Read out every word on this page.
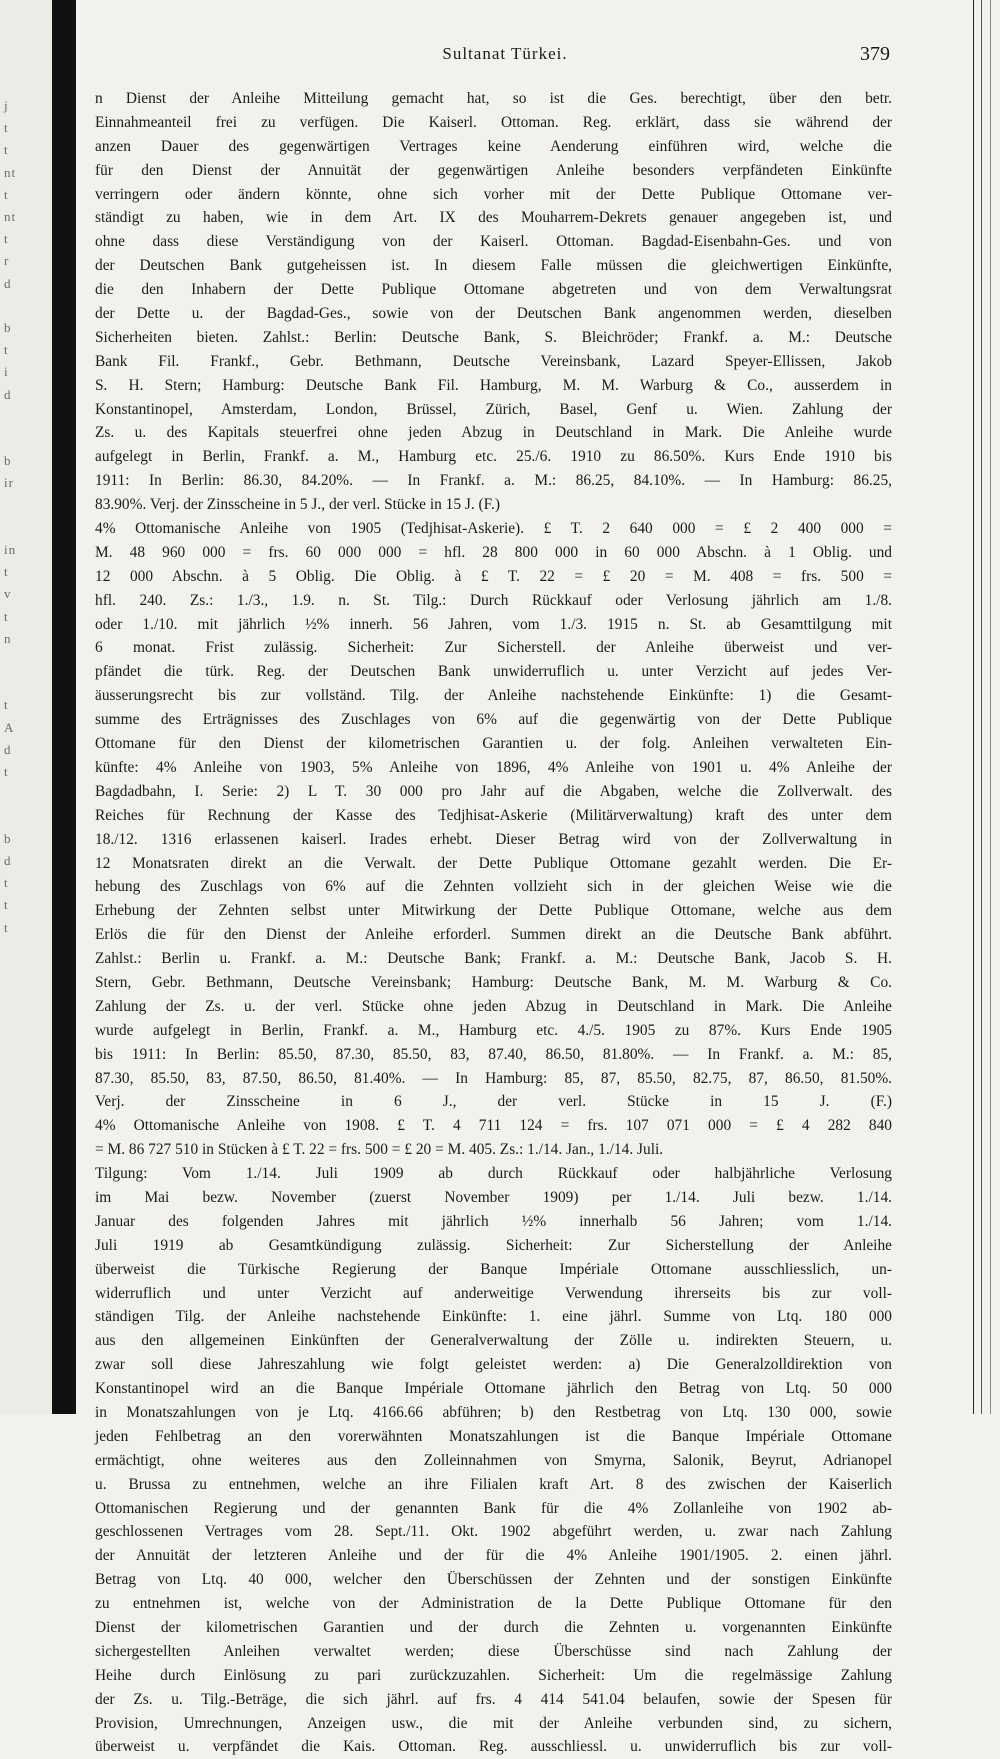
j
t
t
nt
t
nt
t
r
d

b
t
i
d

b
ir

in
t
v
t
n

t
A
d
t

b
d
t
t
t
Sultanat Türkei.	379
n Dienst der Anleihe Mitteilung gemacht hat, so ist die Ges. berechtigt, über den betr.
Einnahmeanteil frei zu verfügen. Die Kaiserl. Ottoman. Reg. erklärt, dass sie während der
anzen Dauer des gegenwärtigen Vertrages keine Aenderung einführen wird, welche die
für den Dienst der Annuität der gegenwärtigen Anleihe besonders verpfändeten Einkünfte
verringern oder ändern könnte, ohne sich vorher mit der Dette Publique Ottomane ver-
ständigt zu haben, wie in dem Art. IX des Mouharrem-Dekrets genauer angegeben ist, und
ohne dass diese Verständigung von der Kaiserl. Ottoman. Bagdad-Eisenbahn-Ges. und von
der Deutschen Bank gutgeheissen ist. In diesem Falle müssen die gleichwertigen Einkünfte,
die den Inhabern der Dette Publique Ottomane abgetreten und von dem Verwaltungsrat
der Dette u. der Bagdad-Ges., sowie von der Deutschen Bank angenommen werden, dieselben
Sicherheiten bieten. Zahlst.: Berlin: Deutsche Bank, S. Bleichröder; Frankf. a. M.: Deutsche
Bank Fil. Frankf., Gebr. Bethmann, Deutsche Vereinsbank, Lazard Speyer-Ellissen, Jakob
S. H. Stern; Hamburg: Deutsche Bank Fil. Hamburg, M. M. Warburg & Co., ausserdem in
Konstantinopel, Amsterdam, London, Brüssel, Zürich, Basel, Genf u. Wien. Zahlung der
Zs. u. des Kapitals steuerfrei ohne jeden Abzug in Deutschland in Mark. Die Anleihe wurde
aufgelegt in Berlin, Frankf. a. M., Hamburg etc. 25./6. 1910 zu 86.50%. Kurs Ende 1910 bis
1911: In Berlin: 86.30, 84.20%. — In Frankf. a. M.: 86.25, 84.10%. — In Hamburg: 86.25,
83.90%. Verj. der Zinsscheine in 5 J., der verl. Stücke in 15 J. (F.)
4% Ottomanische Anleihe von 1905 (Tedjhisat-Askerie). £ T. 2 640 000 = £ 2 400 000 =
M. 48 960 000 = frs. 60 000 000 = hfl. 28 800 000 in 60 000 Abschn. à 1 Oblig. und
12 000 Abschn. à 5 Oblig. Die Oblig. à £ T. 22 = £ 20 = M. 408 = frs. 500 =
hfl. 240. Zs.: 1./3., 1.9. n. St. Tilg.: Durch Rückkauf oder Verlosung jährlich am 1./8.
oder 1./10. mit jährlich ½% innerh. 56 Jahren, vom 1./3. 1915 n. St. ab Gesamttilgung mit
6 monat. Frist zulässig. Sicherheit: Zur Sicherstell. der Anleihe überweist und ver-
pfändet die türk. Reg. der Deutschen Bank unwiderruflich u. unter Verzicht auf jedes Ver-
äusserungsrecht bis zur vollständ. Tilg. der Anleihe nachstehende Einkünfte: 1) die Gesamt-
summe des Erträgnisses des Zuschlages von 6% auf die gegenwärtig von der Dette Publique
Ottomane für den Dienst der kilometrischen Garantien u. der folg. Anleihen verwalteten Ein-
künfte: 4% Anleihe von 1903, 5% Anleihe von 1896, 4% Anleihe von 1901 u. 4% Anleihe der
Bagdadbahn, I. Serie: 2) L T. 30 000 pro Jahr auf die Abgaben, welche die Zollverwalt. des
Reiches für Rechnung der Kasse des Tedjhisat-Askerie (Militärverwaltung) kraft des unter dem
18./12. 1316 erlassenen kaiserl. Irades erhebt. Dieser Betrag wird von der Zollverwaltung in
12 Monatsraten direkt an die Verwalt. der Dette Publique Ottomane gezahlt werden. Die Er-
hebung des Zuschlags von 6% auf die Zehnten vollzieht sich in der gleichen Weise wie die
Erhebung der Zehnten selbst unter Mitwirkung der Dette Publique Ottomane, welche aus dem
Erlös die für den Dienst der Anleihe erforderl. Summen direkt an die Deutsche Bank abführt.
Zahlst.: Berlin u. Frankf. a. M.: Deutsche Bank; Frankf. a. M.: Deutsche Bank, Jacob S. H.
Stern, Gebr. Bethmann, Deutsche Vereinsbank; Hamburg: Deutsche Bank, M. M. Warburg & Co.
Zahlung der Zs. u. der verl. Stücke ohne jeden Abzug in Deutschland in Mark. Die Anleihe
wurde aufgelegt in Berlin, Frankf. a. M., Hamburg etc. 4./5. 1905 zu 87%. Kurs Ende 1905
bis 1911: In Berlin: 85.50, 87.30, 85.50, 83, 87.40, 86.50, 81.80%. — In Frankf. a. M.: 85,
87.30, 85.50, 83, 87.50, 86.50, 81.40%. — In Hamburg: 85, 87, 85.50, 82.75, 87, 86.50, 81.50%.
Verj. der Zinsscheine in 6 J., der verl. Stücke in 15 J. (F.)
4% Ottomanische Anleihe von 1908. £ T. 4 711 124 = frs. 107 071 000 = £ 4 282 840
= M. 86 727 510 in Stücken à £ T. 22 = frs. 500 = £ 20 = M. 405. Zs.: 1./14. Jan., 1./14. Juli.
Tilgung: Vom 1./14. Juli 1909 ab durch Rückkauf oder halbjährliche Verlosung
im Mai bezw. November (zuerst November 1909) per 1./14. Juli bezw. 1./14.
Januar des folgenden Jahres mit jährlich ½% innerhalb 56 Jahren; vom 1./14.
Juli 1919 ab Gesamtkündigung zulässig. Sicherheit: Zur Sicherstellung der Anleihe
überweist die Türkische Regierung der Banque Impériale Ottomane ausschliesslich, un-
widerruflich und unter Verzicht auf anderweitige Verwendung ihrerseits bis zur voll-
ständigen Tilg. der Anleihe nachstehende Einkünfte: 1. eine jährl. Summe von Ltq. 180 000
aus den allgemeinen Einkünften der Generalverwaltung der Zölle u. indirekten Steuern, u.
zwar soll diese Jahreszahlung wie folgt geleistet werden: a) Die Generalzolldirektion von
Konstantinopel wird an die Banque Impériale Ottomane jährlich den Betrag von Ltq. 50 000
in Monatszahlungen von je Ltq. 4166.66 abführen; b) den Restbetrag von Ltq. 130 000, sowie
jeden Fehlbetrag an den vorerwähnten Monatszahlungen ist die Banque Impériale Ottomane
ermächtigt, ohne weiteres aus den Zolleinnahmen von Smyrna, Salonik, Beyrut, Adrianopel
u. Brussa zu entnehmen, welche an ihre Filialen kraft Art. 8 des zwischen der Kaiserlich
Ottomanischen Regierung und der genannten Bank für die 4% Zollanleihe von 1902 ab-
geschlossenen Vertrages vom 28. Sept./11. Okt. 1902 abgeführt werden, u. zwar nach Zahlung
der Annuität der letzteren Anleihe und der für die 4% Anleihe 1901/1905. 2. einen jährl.
Betrag von Ltq. 40 000, welcher den Überschüssen der Zehnten und der sonstigen Einkünfte
zu entnehmen ist, welche von der Administration de la Dette Publique Ottomane für den
Dienst der kilometrischen Garantien und der durch die Zehnten u. vorgenannten Einkünfte
sichergestellten Anleihen verwaltet werden; diese Überschüsse sind nach Zahlung der
Heihe durch Einlösung zu pari zurückzuzahlen. Sicherheit: Um die regelmässige Zahlung
der Zs. u. Tilg.-Beträge, die sich jährl. auf frs. 4 414 541.04 belaufen, sowie der Spesen für
Provision, Umrechnungen, Anzeigen usw., die mit der Anleihe verbunden sind, zu sichern,
überweist u. verpfändet die Kais. Ottoman. Reg. ausschliessl. u. unwiderruflich bis zur voll-
